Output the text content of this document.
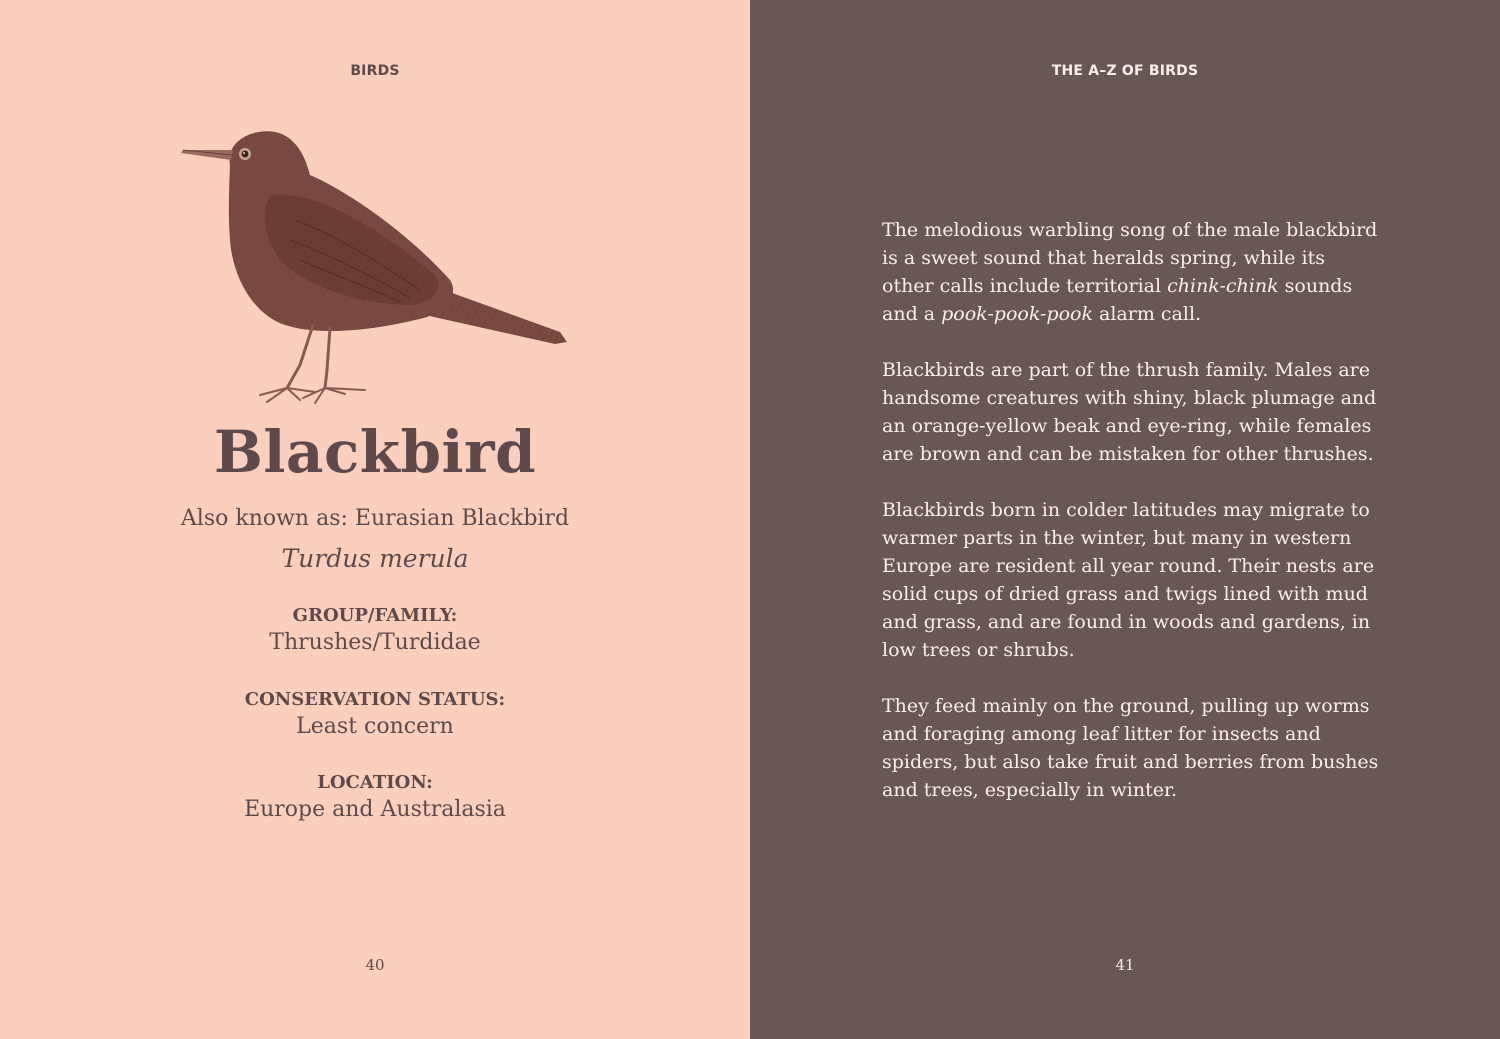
BIRDS
Blackbird
Also known as: Eurasian Blackbird
Turdus merula
GROUP/FAMILY:
Thrushes/Turdidae
CONSERVATION STATUS:
Least concern
LOCATION:
Europe and Australasia
40
THE A–Z OF BIRDS

The melodious warbling song of the male blackbird is a sweet sound that heralds spring, while its other calls include territorial chink-chink sounds and a pook-pook-pook alarm call.

Blackbirds are part of the thrush family. Males are handsome creatures with shiny, black plumage and an orange-yellow beak and eye-ring, while females are brown and can be mistaken for other thrushes.

Blackbirds born in colder latitudes may migrate to warmer parts in the winter, but many in western Europe are resident all year round. Their nests are solid cups of dried grass and twigs lined with mud and grass, and are found in woods and gardens, in low trees or shrubs.

They feed mainly on the ground, pulling up worms and foraging among leaf litter for insects and spiders, but also take fruit and berries from bushes and trees, especially in winter.

41
